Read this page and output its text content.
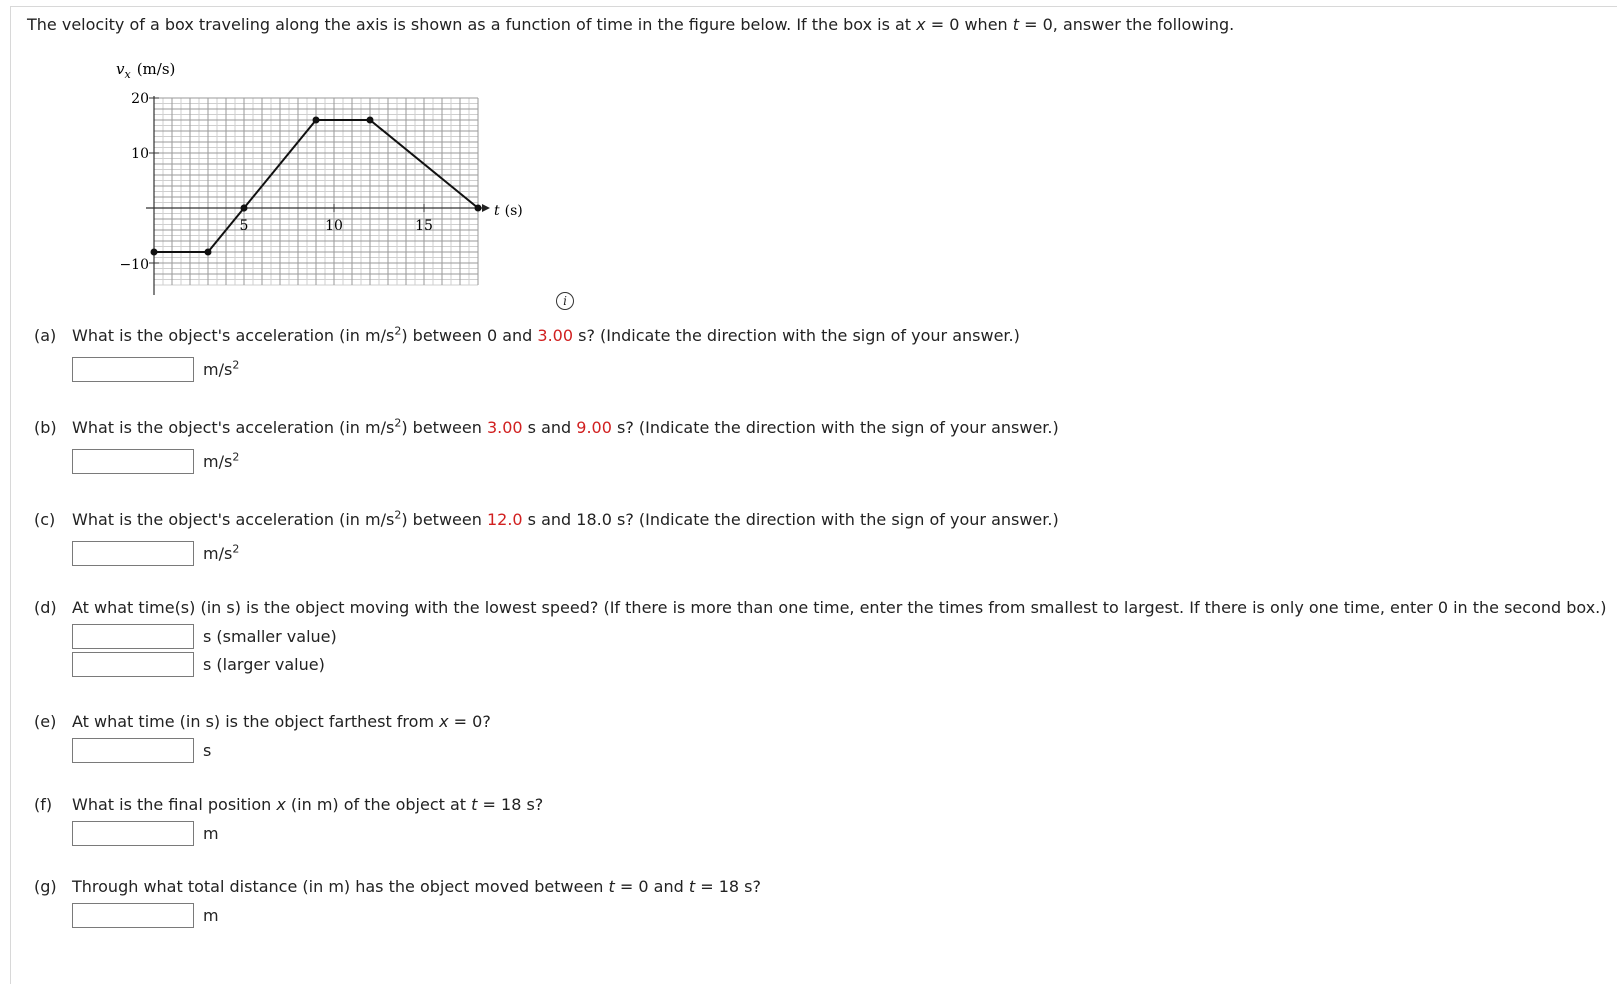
The velocity of a box traveling along the axis is shown as a function of time in the figure below. If the box is at x = 0 when t = 0, answer the following.
$v_x$ (m/s)
20
10
−10
5	10	15
t (s)
i
(a) What is the object's acceleration (in $m/s^2$) between 0 and 3.00 s? (Indicate the direction with the sign of your answer.)
$m/s^2$
(b) What is the object's acceleration (in $m/s^2$) between 3.00 s and 9.00 s? (Indicate the direction with the sign of your answer.)
$m/s^2$
(c) What is the object's acceleration (in $m/s^2$) between 12.0 s and 18.0 s? (Indicate the direction with the sign of your answer.)
$m/s^2$
(d) At what time(s) (in s) is the object moving with the lowest speed? (If there is more than one time, enter the times from smallest to largest. If there is only one time, enter 0 in the second box.)
s (smaller value)
s (larger value)
(e) At what time (in s) is the object farthest from x = 0?
s
(f) What is the final position x (in m) of the object at t = 18 s?
m
(g) Through what total distance (in m) has the object moved between t = 0 and t = 18 s?
m
